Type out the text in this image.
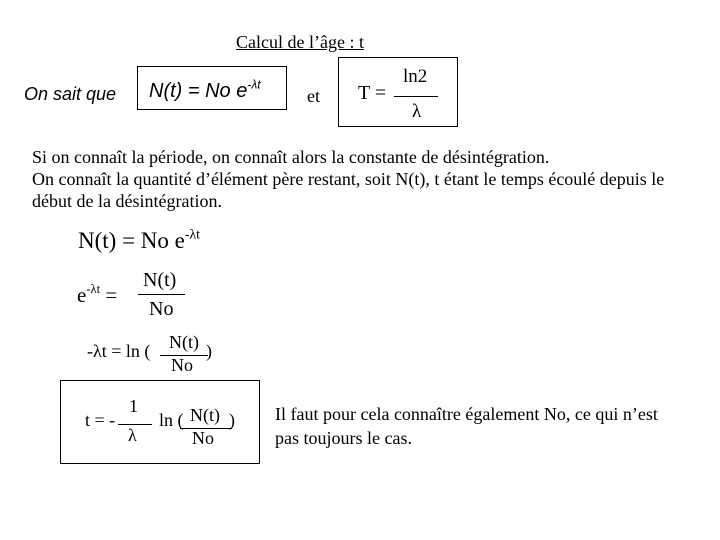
Calcul de l’âge : t
On sait que N(t) = No $e^{-\lambda t}$
et T =
ln2
λ

Si on connaît la période, on connaît alors la constante de désintégration.

On connaît la quantité d’élément père restant, soit N(t), t étant le temps écoulé depuis le début de la désintégration.

N(t) = No $e^{-\lambda t}$
$e^{-\lambda t}$ =
N(t)
No
-λt = ln ( N(t)
No
)
t = -
1
λ
ln ( N(t)
No
) Il faut pour cela connaître également No, ce qui n’est pas toujours le cas.
